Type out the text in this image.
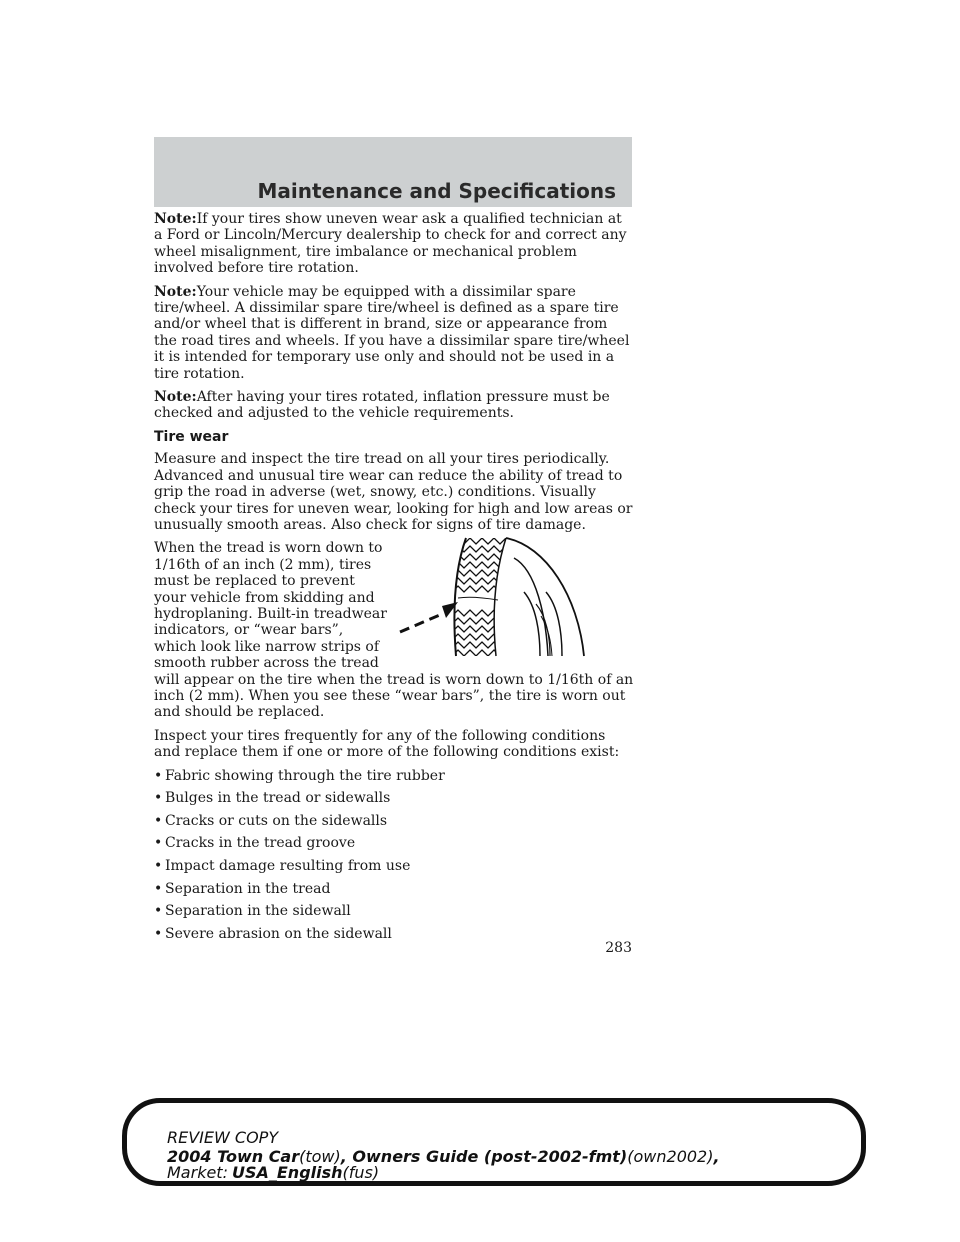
Maintenance and Specifications

Note:If your tires show uneven wear ask a qualified technician at a Ford or Lincoln/Mercury dealership to check for and correct any wheel misalignment, tire imbalance or mechanical problem involved before tire rotation.

Note:Your vehicle may be equipped with a dissimilar spare tire/wheel. A dissimilar spare tire/wheel is defined as a spare tire and/or wheel that is different in brand, size or appearance from the road tires and wheels. If you have a dissimilar spare tire/wheel it is intended for temporary use only and should not be used in a tire rotation.

Note:After having your tires rotated, inflation pressure must be checked and adjusted to the vehicle requirements.

Tire wear

Measure and inspect the tire tread on all your tires periodically. Advanced and unusual tire wear can reduce the ability of tread to grip the road in adverse (wet, snowy, etc.) conditions. Visually check your tires for uneven wear, looking for high and low areas or unusually smooth areas. Also check for signs of tire damage.

When the tread is worn down to 1/16th of an inch (2 mm), tires must be replaced to prevent your vehicle from skidding and hydroplaning. Built-in treadwear indicators, or “wear bars”, which look like narrow strips of smooth rubber across the tread will appear on the tire when the tread is worn down to 1/16th of an inch (2 mm). When you see these “wear bars”, the tire is worn out and should be replaced.

Inspect your tires frequently for any of the following conditions and replace them if one or more of the following conditions exist:

• Fabric showing through the tire rubber
• Bulges in the tread or sidewalls
• Cracks or cuts on the sidewalls
• Cracks in the tread groove
• Impact damage resulting from use
• Separation in the tread
• Separation in the sidewall
• Severe abrasion on the sidewall
283
REVIEW COPY
2004 Town Car(tow), Owners Guide (post-2002-fmt)(own2002),
Market: USA_English(fus)
